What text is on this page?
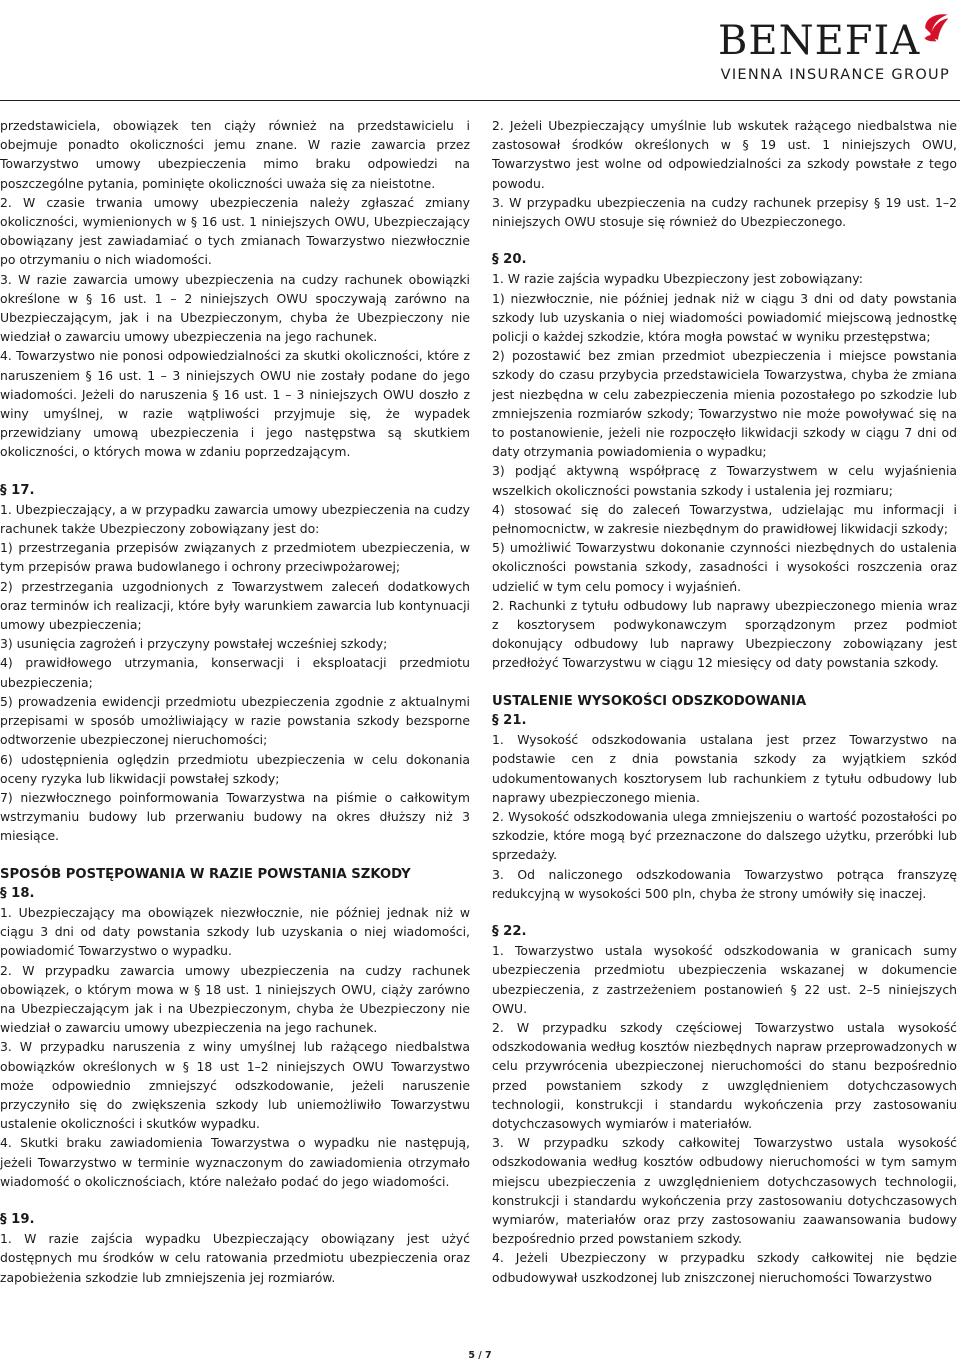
BENEFIA
VIENNA INSURANCE GROUP

przedstawiciela, obowiązek ten ciąży również na przedstawicielu i obejmuje ponadto okoliczności jemu znane. W razie zawarcia przez Towarzystwo umowy ubezpieczenia mimo braku odpowiedzi na poszczególne pytania, pominięte okoliczności uważa się za nieistotne.

2. W czasie trwania umowy ubezpieczenia należy zgłaszać zmiany okoliczności, wymienionych w § 16 ust. 1 niniejszych OWU, Ubezpieczający obowiązany jest zawiadamiać o tych zmianach Towarzystwo niezwłocznie po otrzymaniu o nich wiadomości.

3. W razie zawarcia umowy ubezpieczenia na cudzy rachunek obowiązki określone w § 16 ust. 1 – 2 niniejszych OWU spoczywają zarówno na Ubezpieczającym, jak i na Ubezpieczonym, chyba że Ubezpieczony nie wiedział o zawarciu umowy ubezpieczenia na jego rachunek.

4. Towarzystwo nie ponosi odpowiedzialności za skutki okoliczności, które z naruszeniem § 16 ust. 1 – 3 niniejszych OWU nie zostały podane do jego wiadomości. Jeżeli do naruszenia § 16 ust. 1 – 3 niniejszych OWU doszło z winy umyślnej, w razie wątpliwości przyjmuje się, że wypadek przewidziany umową ubezpieczenia i jego następstwa są skutkiem okoliczności, o których mowa w zdaniu poprzedzającym.

§ 17.

1. Ubezpieczający, a w przypadku zawarcia umowy ubezpieczenia na cudzy rachunek także Ubezpieczony zobowiązany jest do:

1) przestrzegania przepisów związanych z przedmiotem ubezpieczenia, w tym przepisów prawa budowlanego i ochrony przeciwpożarowej;

2) przestrzegania uzgodnionych z Towarzystwem zaleceń dodatkowych oraz terminów ich realizacji, które były warunkiem zawarcia lub kontynuacji umowy ubezpieczenia;

3) usunięcia zagrożeń i przyczyny powstałej wcześniej szkody;

4) prawidłowego utrzymania, konserwacji i eksploatacji przedmiotu ubezpieczenia;

5) prowadzenia ewidencji przedmiotu ubezpieczenia zgodnie z aktualnymi przepisami w sposób umożliwiający w razie powstania szkody bezsporne odtworzenie ubezpieczonej nieruchomości;

6) udostępnienia oględzin przedmiotu ubezpieczenia w celu dokonania oceny ryzyka lub likwidacji powstałej szkody;

7) niezwłocznego poinformowania Towarzystwa na piśmie o całkowitym wstrzymaniu budowy lub przerwaniu budowy na okres dłuższy niż 3 miesiące.

SPOSÓB POSTĘPOWANIA W RAZIE POWSTANIA SZKODY

§ 18.

1. Ubezpieczający ma obowiązek niezwłocznie, nie później jednak niż w ciągu 3 dni od daty powstania szkody lub uzyskania o niej wiadomości, powiadomić Towarzystwo o wypadku.

2. W przypadku zawarcia umowy ubezpieczenia na cudzy rachunek obowiązek, o którym mowa w § 18 ust. 1 niniejszych OWU, ciąży zarówno na Ubezpieczającym jak i na Ubezpieczonym, chyba że Ubezpieczony nie wiedział o zawarciu umowy ubezpieczenia na jego rachunek.

3. W przypadku naruszenia z winy umyślnej lub rażącego niedbalstwa obowiązków określonych w § 18 ust 1–2 niniejszych OWU Towarzystwo może odpowiednio zmniejszyć odszkodowanie, jeżeli naruszenie przyczyniło się do zwiększenia szkody lub uniemożliwiło Towarzystwu ustalenie okoliczności i skutków wypadku.

4. Skutki braku zawiadomienia Towarzystwa o wypadku nie następują, jeżeli Towarzystwo w terminie wyznaczonym do zawiadomienia otrzymało wiadomość o okolicznościach, które należało podać do jego wiadomości.

§ 19.

1. W razie zajścia wypadku Ubezpieczający obowiązany jest użyć dostępnych mu środków w celu ratowania przedmiotu ubezpieczenia oraz zapobieżenia szkodzie lub zmniejszenia jej rozmiarów.

2. Jeżeli Ubezpieczający umyślnie lub wskutek rażącego niedbalstwa nie zastosował środków określonych w § 19 ust. 1 niniejszych OWU, Towarzystwo jest wolne od odpowiedzialności za szkody powstałe z tego powodu.

3. W przypadku ubezpieczenia na cudzy rachunek przepisy § 19 ust. 1–2 niniejszych OWU stosuje się również do Ubezpieczonego.

§ 20.

1. W razie zajścia wypadku Ubezpieczony jest zobowiązany:

1) niezwłocznie, nie później jednak niż w ciągu 3 dni od daty powstania szkody lub uzyskania o niej wiadomości powiadomić miejscową jednostkę policji o każdej szkodzie, która mogła powstać w wyniku przestępstwa;

2) pozostawić bez zmian przedmiot ubezpieczenia i miejsce powstania szkody do czasu przybycia przedstawiciela Towarzystwa, chyba że zmiana jest niezbędna w celu zabezpieczenia mienia pozostałego po szkodzie lub zmniejszenia rozmiarów szkody; Towarzystwo nie może powoływać się na to postanowienie, jeżeli nie rozpoczęło likwidacji szkody w ciągu 7 dni od daty otrzymania powiadomienia o wypadku;

3) podjąć aktywną współpracę z Towarzystwem w celu wyjaśnienia wszelkich okoliczności powstania szkody i ustalenia jej rozmiaru;

4) stosować się do zaleceń Towarzystwa, udzielając mu informacji i pełnomocnictw, w zakresie niezbędnym do prawidłowej likwidacji szkody;

5) umożliwić Towarzystwu dokonanie czynności niezbędnych do ustalenia okoliczności powstania szkody, zasadności i wysokości roszczenia oraz udzielić w tym celu pomocy i wyjaśnień.

2. Rachunki z tytułu odbudowy lub naprawy ubezpieczonego mienia wraz z kosztorysem podwykonawczym sporządzonym przez podmiot dokonujący odbudowy lub naprawy Ubezpieczony zobowiązany jest przedłożyć Towarzystwu w ciągu 12 miesięcy od daty powstania szkody.

USTALENIE WYSOKOŚCI ODSZKODOWANIA

§ 21.

1. Wysokość odszkodowania ustalana jest przez Towarzystwo na podstawie cen z dnia powstania szkody za wyjątkiem szkód udokumentowanych kosztorysem lub rachunkiem z tytułu odbudowy lub naprawy ubezpieczonego mienia.

2. Wysokość odszkodowania ulega zmniejszeniu o wartość pozostałości po szkodzie, które mogą być przeznaczone do dalszego użytku, przeróbki lub sprzedaży.

3. Od naliczonego odszkodowania Towarzystwo potrąca franszyzę redukcyjną w wysokości 500 pln, chyba że strony umówiły się inaczej.

§ 22.

1. Towarzystwo ustala wysokość odszkodowania w granicach sumy ubezpieczenia przedmiotu ubezpieczenia wskazanej w dokumencie ubezpieczenia, z zastrzeżeniem postanowień § 22 ust. 2–5 niniejszych OWU.

2. W przypadku szkody częściowej Towarzystwo ustala wysokość odszkodowania według kosztów niezbędnych napraw przeprowadzonych w celu przywrócenia ubezpieczonej nieruchomości do stanu bezpośrednio przed powstaniem szkody z uwzględnieniem dotychczasowych technologii, konstrukcji i standardu wykończenia przy zastosowaniu dotychczasowych wymiarów i materiałów.

3. W przypadku szkody całkowitej Towarzystwo ustala wysokość odszkodowania według kosztów odbudowy nieruchomości w tym samym miejscu ubezpieczenia z uwzględnieniem dotychczasowych technologii, konstrukcji i standardu wykończenia przy zastosowaniu dotychczasowych wymiarów, materiałów oraz przy zastosowaniu zaawansowania budowy bezpośrednio przed powstaniem szkody.

4. Jeżeli Ubezpieczony w przypadku szkody całkowitej nie będzie odbudowywał uszkodzonej lub zniszczonej nieruchomości Towarzystwo

5 / 7
